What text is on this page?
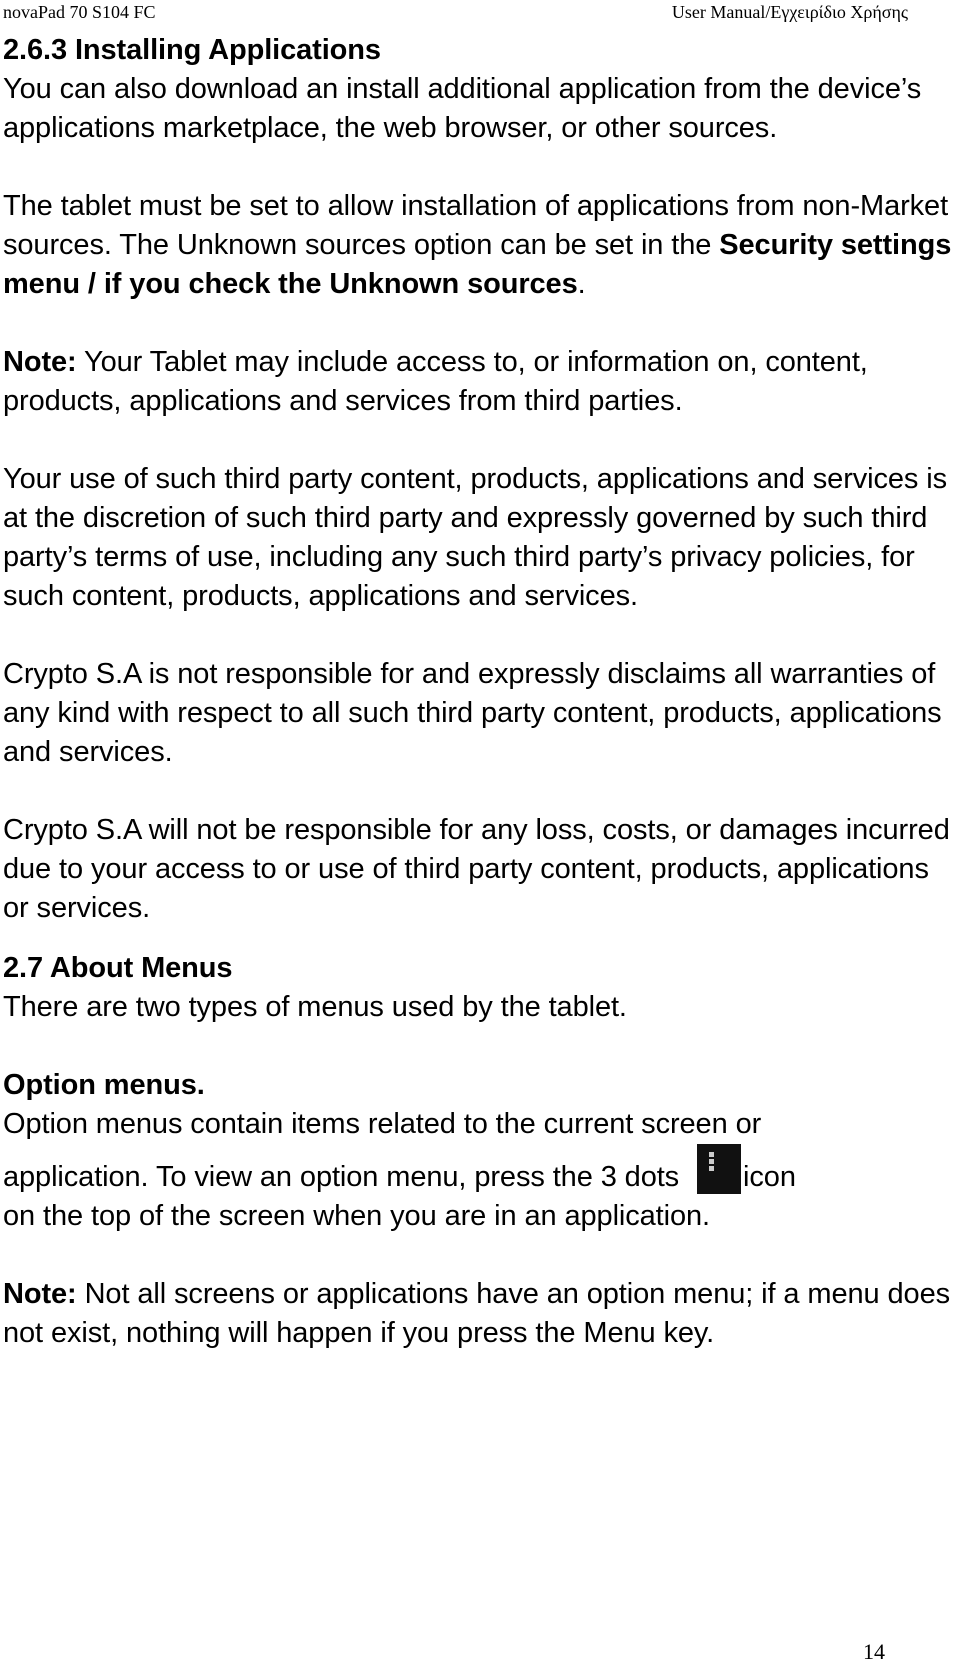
novaPad 70 S104 FC	User Manual/Εγχειρίδιο Χρήσης
2.6.3 Installing Applications

You can also download an install additional application from the device’s applications marketplace, the web browser, or other sources.

The tablet must be set to allow installation of applications from non-Market sources. The Unknown sources option can be set in the Security settings menu / if you check the Unknown sources.

Note: Your Tablet may include access to, or information on, content, products, applications and services from third parties.

Your use of such third party content, products, applications and services is at the discretion of such third party and expressly governed by such third party’s terms of use, including any such third party’s privacy policies, for such content, products, applications and services.

Crypto S.A is not responsible for and expressly disclaims all warranties of any kind with respect to all such third party content, products, applications and services.

Crypto S.A will not be responsible for any loss, costs, or damages incurred due to your access to or use of third party content, products, applications or services.

2.7 About Menus

There are two types of menus used by the tablet.

Option menus.

Option menus contain items related to the current screen or

application. To view an option menu, press the 3 dots
icon

on the top of the screen when you are in an application.

Note: Not all screens or applications have an option menu; if a menu does not exist, nothing will happen if you press the Menu key.

14
